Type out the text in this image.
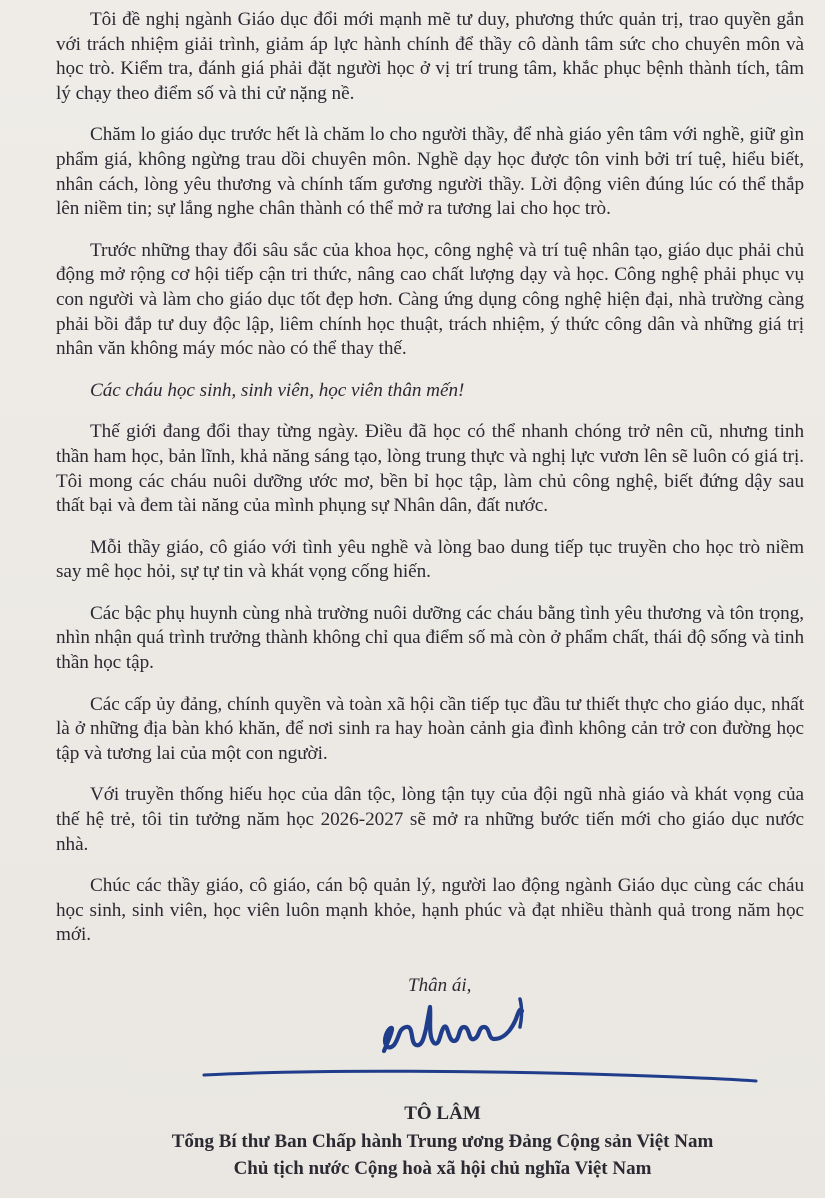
Tôi đề nghị ngành Giáo dục đổi mới mạnh mẽ tư duy, phương thức quản trị, trao quyền gắn với trách nhiệm giải trình, giảm áp lực hành chính để thầy cô dành tâm sức cho chuyên môn và học trò. Kiểm tra, đánh giá phải đặt người học ở vị trí trung tâm, khắc phục bệnh thành tích, tâm lý chạy theo điểm số và thi cử nặng nề.

Chăm lo giáo dục trước hết là chăm lo cho người thầy, để nhà giáo yên tâm với nghề, giữ gìn phẩm giá, không ngừng trau dồi chuyên môn. Nghề dạy học được tôn vinh bởi trí tuệ, hiểu biết, nhân cách, lòng yêu thương và chính tấm gương người thầy. Lời động viên đúng lúc có thể thắp lên niềm tin; sự lắng nghe chân thành có thể mở ra tương lai cho học trò.

Trước những thay đổi sâu sắc của khoa học, công nghệ và trí tuệ nhân tạo, giáo dục phải chủ động mở rộng cơ hội tiếp cận tri thức, nâng cao chất lượng dạy và học. Công nghệ phải phục vụ con người và làm cho giáo dục tốt đẹp hơn. Càng ứng dụng công nghệ hiện đại, nhà trường càng phải bồi đắp tư duy độc lập, liêm chính học thuật, trách nhiệm, ý thức công dân và những giá trị nhân văn không máy móc nào có thể thay thế.

Các cháu học sinh, sinh viên, học viên thân mến!

Thế giới đang đổi thay từng ngày. Điều đã học có thể nhanh chóng trở nên cũ, nhưng tinh thần ham học, bản lĩnh, khả năng sáng tạo, lòng trung thực và nghị lực vươn lên sẽ luôn có giá trị. Tôi mong các cháu nuôi dưỡng ước mơ, bền bỉ học tập, làm chủ công nghệ, biết đứng dậy sau thất bại và đem tài năng của mình phụng sự Nhân dân, đất nước.

Mỗi thầy giáo, cô giáo với tình yêu nghề và lòng bao dung tiếp tục truyền cho học trò niềm say mê học hỏi, sự tự tin và khát vọng cống hiến.

Các bậc phụ huynh cùng nhà trường nuôi dưỡng các cháu bằng tình yêu thương và tôn trọng, nhìn nhận quá trình trưởng thành không chỉ qua điểm số mà còn ở phẩm chất, thái độ sống và tinh thần học tập.

Các cấp ủy đảng, chính quyền và toàn xã hội cần tiếp tục đầu tư thiết thực cho giáo dục, nhất là ở những địa bàn khó khăn, để nơi sinh ra hay hoàn cảnh gia đình không cản trở con đường học tập và tương lai của một con người.

Với truyền thống hiếu học của dân tộc, lòng tận tụy của đội ngũ nhà giáo và khát vọng của thế hệ trẻ, tôi tin tưởng năm học 2026-2027 sẽ mở ra những bước tiến mới cho giáo dục nước nhà.

Chúc các thầy giáo, cô giáo, cán bộ quản lý, người lao động ngành Giáo dục cùng các cháu học sinh, sinh viên, học viên luôn mạnh khỏe, hạnh phúc và đạt nhiều thành quả trong năm học mới.

Thân ái,
TÔ LÂM
Tổng Bí thư Ban Chấp hành Trung ương Đảng Cộng sản Việt Nam
Chủ tịch nước Cộng hoà xã hội chủ nghĩa Việt Nam
